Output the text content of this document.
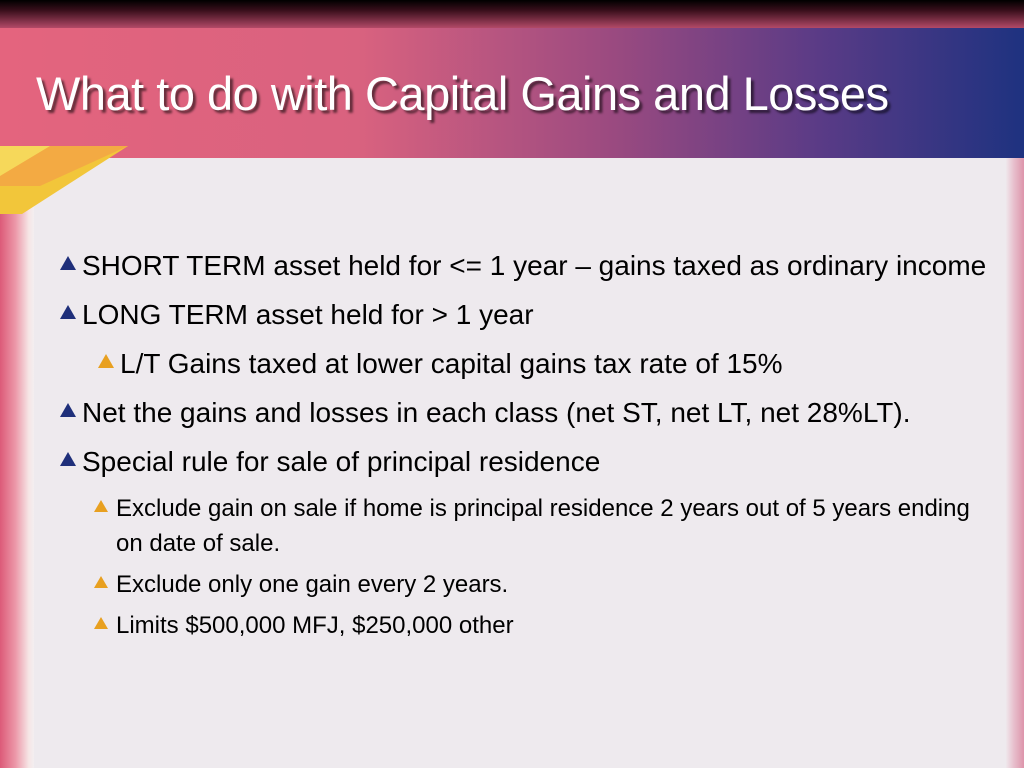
What to do with Capital Gains and Losses
SHORT TERM asset held for <= 1 year – gains taxed as ordinary income
LONG TERM asset held for > 1 year
L/T Gains taxed at lower capital gains tax rate of 15%
Net the gains and losses in each class (net ST, net LT, net 28%LT).
Special rule for sale of principal residence
Exclude gain on sale if home is principal residence 2 years out of 5 years ending on date of sale.
Exclude only one gain every 2 years.
Limits $500,000 MFJ, $250,000 other
